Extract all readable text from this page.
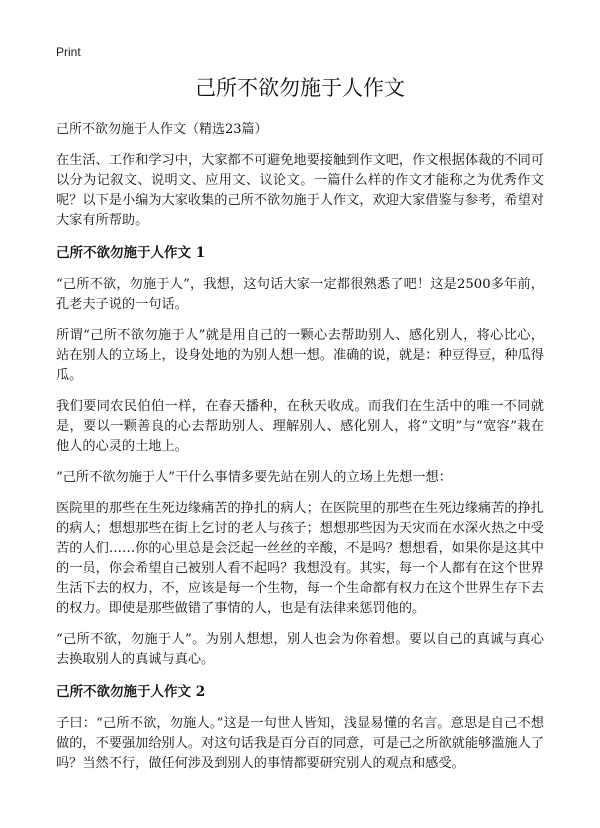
Print
己所不欲勿施于人作文
己所不欲勿施于人作文（精选23篇）

在生活、工作和学习中，大家都不可避免地要接触到作文吧，作文根据体裁的不同可以分为记叙文、说明文、应用文、议论文。一篇什么样的作文才能称之为优秀作文呢？以下是小编为大家收集的己所不欲勿施于人作文，欢迎大家借鉴与参考，希望对大家有所帮助。

己所不欲勿施于人作文 1

“己所不欲，勿施于人”，我想，这句话大家一定都很熟悉了吧！这是2500多年前，孔老夫子说的一句话。

所谓“己所不欲勿施于人”就是用自己的一颗心去帮助别人、感化别人，将心比心，站在别人的立场上，设身处地的为别人想一想。准确的说，就是：种豆得豆，种瓜得瓜。

我们要同农民伯伯一样，在春天播种，在秋天收成。而我们在生活中的唯一不同就是，要以一颗善良的心去帮助别人、理解别人、感化别人，将“文明”与“宽容”栽在他人的心灵的土地上。

“己所不欲勿施于人”干什么事情多要先站在别人的立场上先想一想：

医院里的那些在生死边缘痛苦的挣扎的病人；在医院里的那些在生死边缘痛苦的挣扎的病人；想想那些在街上乞讨的老人与孩子；想想那些因为天灾而在水深火热之中受苦的人们……你的心里总是会泛起一丝丝的辛酸，不是吗？想想看，如果你是这其中的一员，你会希望自己被别人看不起吗？我想没有。其实，每一个人都有在这个世界生活下去的权力，不，应该是每一个生物，每一个生命都有权力在这个世界生存下去的权力。即使是那些做错了事情的人，也是有法律来惩罚他的。

“己所不欲，勿施于人”。为别人想想，别人也会为你着想。要以自己的真诚与真心去换取别人的真诚与真心。

己所不欲勿施于人作文 2

子曰：“己所不欲，勿施人。”这是一句世人皆知，浅显易懂的名言。意思是自己不想做的，不要强加给别人。对这句话我是百分百的同意，可是己之所欲就能够滥施人了吗？当然不行，做任何涉及到别人的事情都要研究别人的观点和感受。
